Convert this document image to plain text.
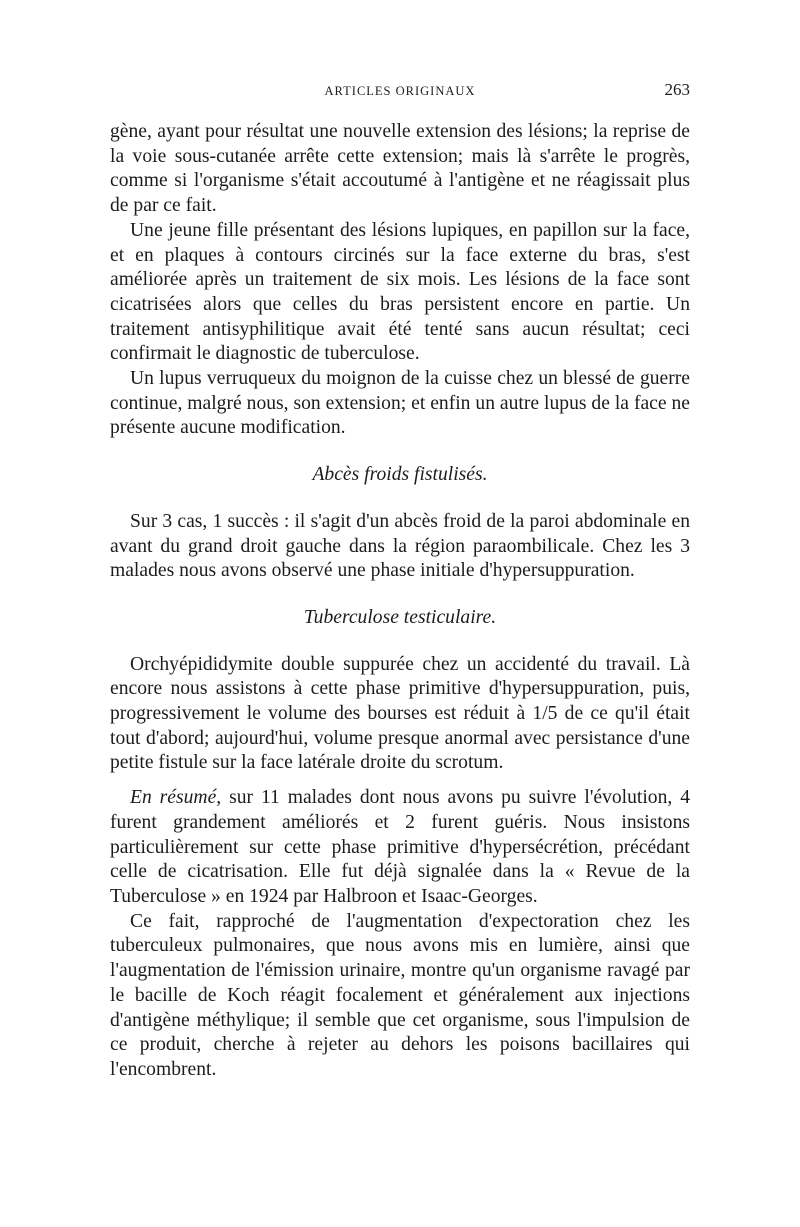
ARTICLES ORIGINAUX	263

gène, ayant pour résultat une nouvelle extension des lésions; la reprise de la voie sous-cutanée arrête cette extension; mais là s'arrête le progrès, comme si l'organisme s'était accoutumé à l'antigène et ne réagissait plus de par ce fait.

Une jeune fille présentant des lésions lupiques, en papillon sur la face, et en plaques à contours circinés sur la face externe du bras, s'est améliorée après un traitement de six mois. Les lésions de la face sont cicatrisées alors que celles du bras persistent encore en partie. Un traitement antisyphilitique avait été tenté sans aucun résultat; ceci confirmait le diagnostic de tuberculose.

Un lupus verruqueux du moignon de la cuisse chez un blessé de guerre continue, malgré nous, son extension; et enfin un autre lupus de la face ne présente aucune modification.

Abcès froids fistulisés.

Sur 3 cas, 1 succès : il s'agit d'un abcès froid de la paroi abdominale en avant du grand droit gauche dans la région paraombilicale. Chez les 3 malades nous avons observé une phase initiale d'hypersuppuration.

Tuberculose testiculaire.

Orchyépididymite double suppurée chez un accidenté du travail. Là encore nous assistons à cette phase primitive d'hypersuppuration, puis, progressivement le volume des bourses est réduit à 1/5 de ce qu'il était tout d'abord; aujourd'hui, volume presque anormal avec persistance d'une petite fistule sur la face latérale droite du scrotum.

En résumé, sur 11 malades dont nous avons pu suivre l'évolution, 4 furent grandement améliorés et 2 furent guéris. Nous insistons particulièrement sur cette phase primitive d'hypersécrétion, précédant celle de cicatrisation. Elle fut déjà signalée dans la « Revue de la Tuberculose » en 1924 par Halbroon et Isaac-Georges.

Ce fait, rapproché de l'augmentation d'expectoration chez les tuberculeux pulmonaires, que nous avons mis en lumière, ainsi que l'augmentation de l'émission urinaire, montre qu'un organisme ravagé par le bacille de Koch réagit focalement et généralement aux injections d'antigène méthylique; il semble que cet organisme, sous l'impulsion de ce produit, cherche à rejeter au dehors les poisons bacillaires qui l'encombrent.
